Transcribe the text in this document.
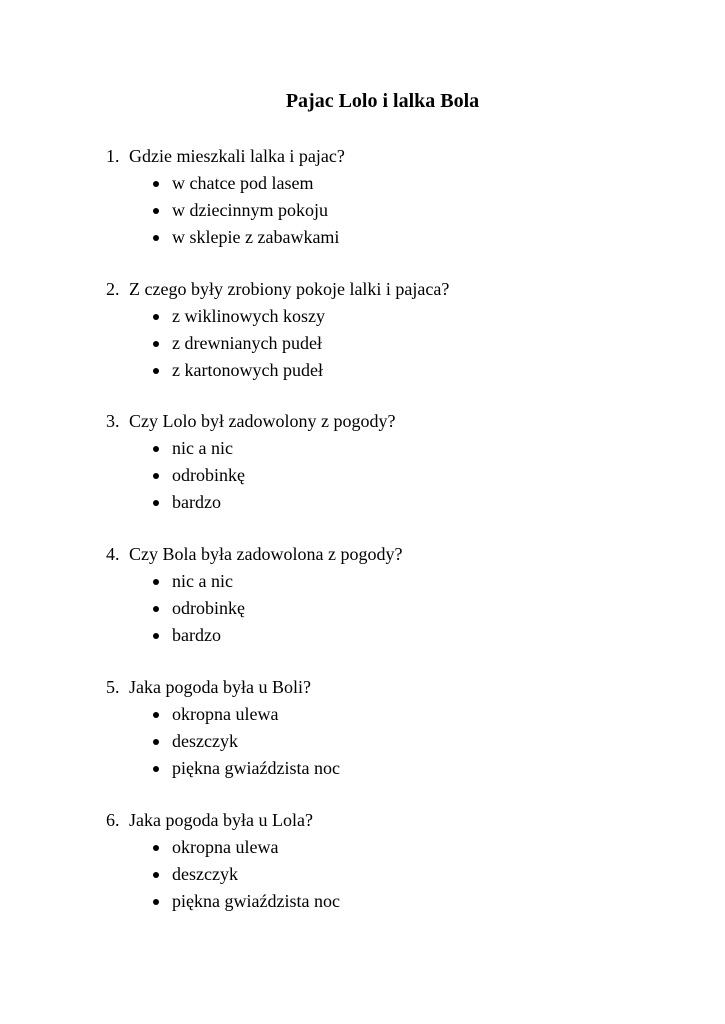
Pajac Lolo i lalka Bola
1. Gdzie mieszkali lalka i pajac?
w chatce pod lasem
w dziecinnym pokoju
w sklepie z zabawkami
2. Z czego były zrobiony pokoje lalki i pajaca?
z wiklinowych koszy
z drewnianych pudeł
z kartonowych pudeł
3. Czy Lolo był zadowolony z pogody?
nic a nic
odrobinkę
bardzo
4. Czy Bola była zadowolona z pogody?
nic a nic
odrobinkę
bardzo
5. Jaka pogoda była u Boli?
okropna ulewa
deszczyk
piękna gwiaździsta noc
6. Jaka pogoda była u Lola?
okropna ulewa
deszczyk
piękna gwiaździsta noc
